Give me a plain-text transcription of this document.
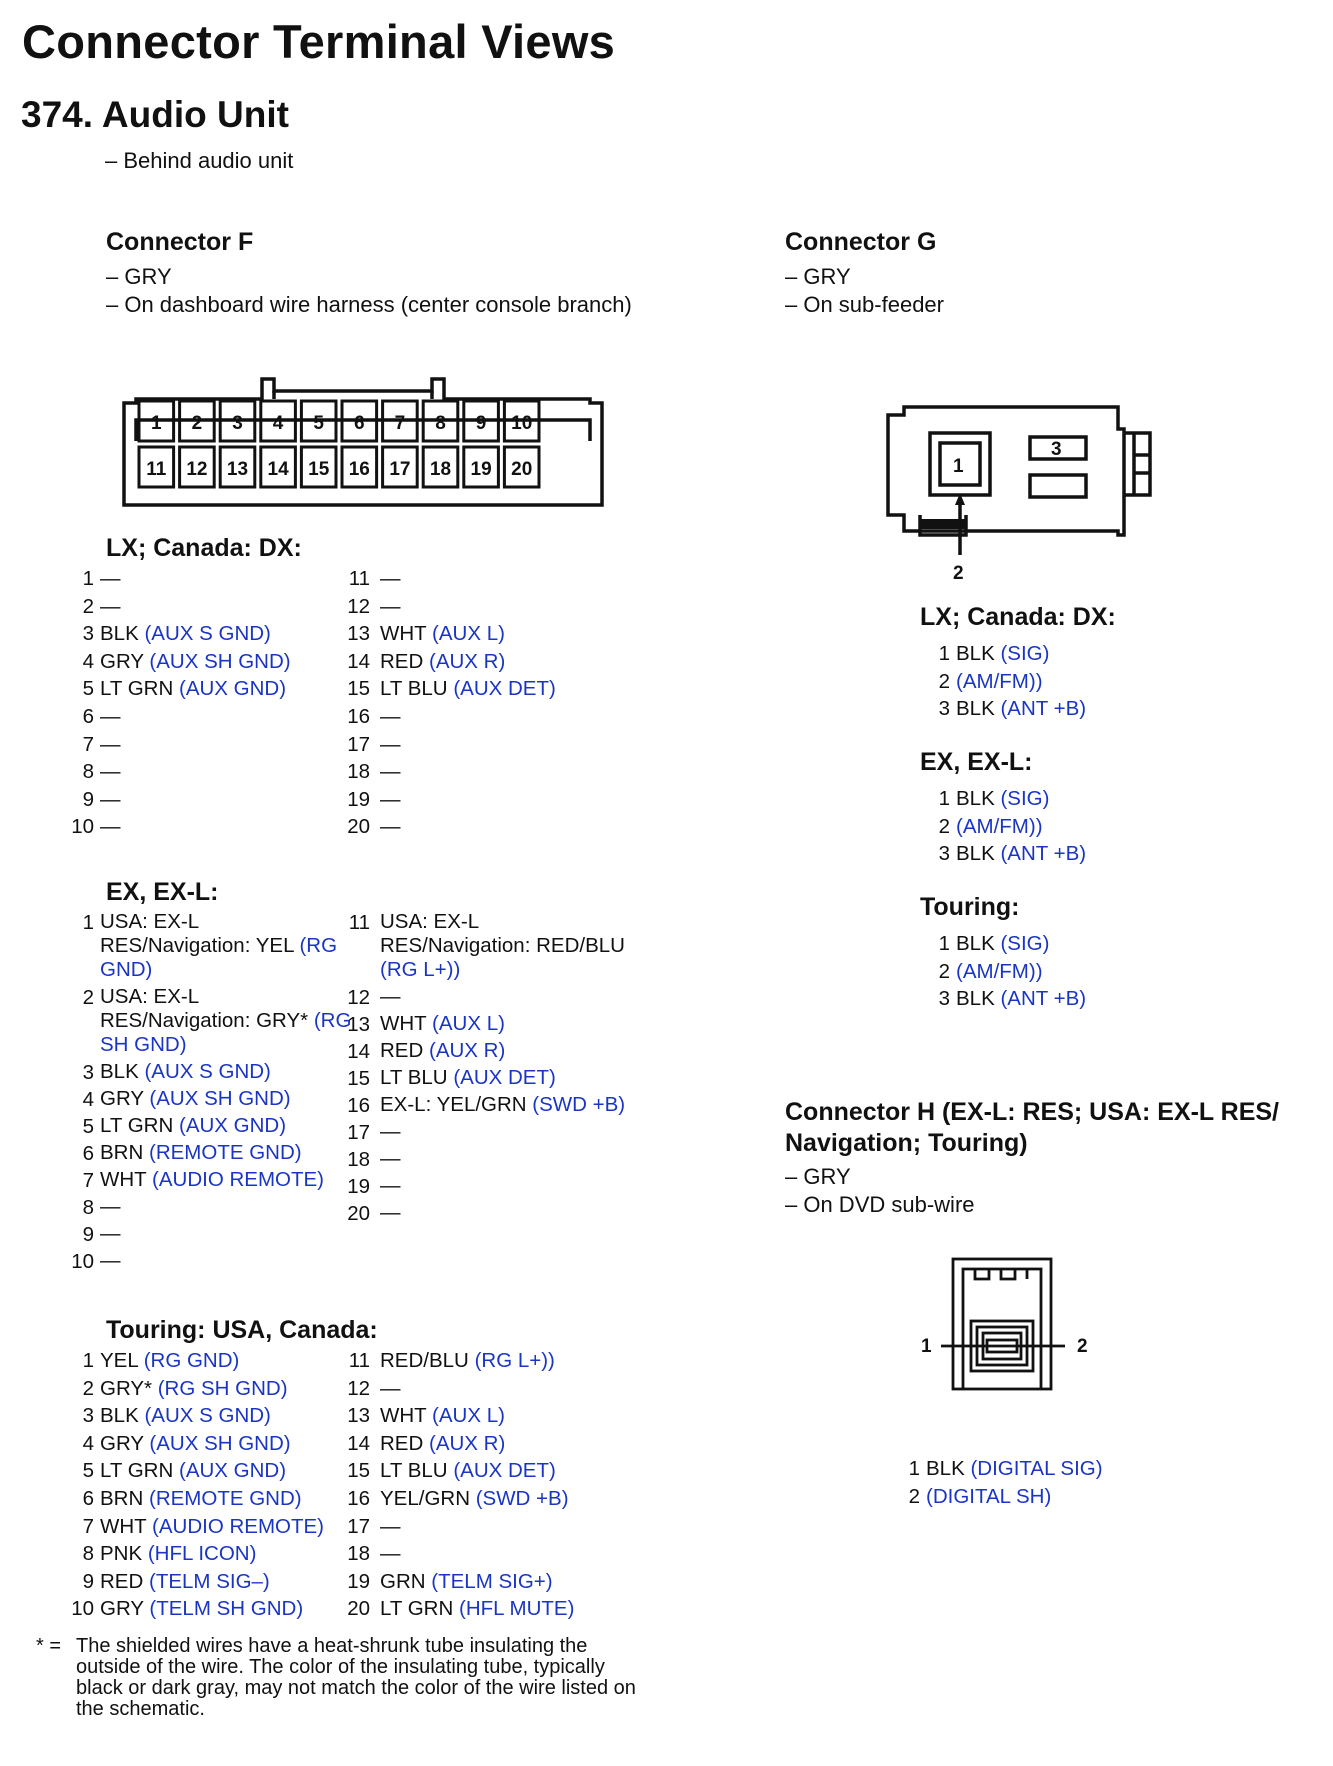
Connector Terminal Views
374. Audio Unit
– Behind audio unit
Connector F
– GRY
– On dashboard wire harness (center console branch)
1 2 3 4 5 6 7 8 9 10
11 12 13 14 15 16 17 18 19 20
LX; Canada: DX:
1 —
2 —
3 BLK (AUX S GND)
4 GRY (AUX SH GND)
5 LT GRN (AUX GND)
6 —
7 —
8 —
9 —
10 —
11 —
12 —
13 WHT (AUX L)
14 RED (AUX R)
15 LT BLU (AUX DET)
16 —
17 —
18 —
19 —
20 —
EX, EX-L:
1 USA: EX-L RES/Navigation: YEL (RG GND)
2 USA: EX-L RES/Navigation: GRY* (RG SH GND)
3 BLK (AUX S GND)
4 GRY (AUX SH GND)
5 LT GRN (AUX GND)
6 BRN (REMOTE GND)
7 WHT (AUDIO REMOTE)
8 —
9 —
10 —
11 USA: EX-L RES/Navigation: RED/BLU (RG L+))
12 —
13 WHT (AUX L)
14 RED (AUX R)
15 LT BLU (AUX DET)
16 EX-L: YEL/GRN (SWD +B)
17 —
18 —
19 —
20 —
Touring: USA, Canada:
1 YEL (RG GND)
2 GRY* (RG SH GND)
3 BLK (AUX S GND)
4 GRY (AUX SH GND)
5 LT GRN (AUX GND)
6 BRN (REMOTE GND)
7 WHT (AUDIO REMOTE)
8 PNK (HFL ICON)
9 RED (TELM SIG–)
10 GRY (TELM SH GND)
11 RED/BLU (RG L+))
12 —
13 WHT (AUX L)
14 RED (AUX R)
15 LT BLU (AUX DET)
16 YEL/GRN (SWD +B)
17 —
18 —
19 GRN (TELM SIG+)
20 LT GRN (HFL MUTE)
* = The shielded wires have a heat-shrunk tube insulating the outside of the wire. The color of the insulating tube, typically black or dark gray, may not match the color of the wire listed on the schematic.
Connector G
– GRY
– On sub-feeder
1
3
2
LX; Canada: DX:
1 BLK (SIG)
2 (AM/FM))
3 BLK (ANT +B)
EX, EX-L:
1 BLK (SIG)
2 (AM/FM))
3 BLK (ANT +B)
Touring:
1 BLK (SIG)
2 (AM/FM))
3 BLK (ANT +B)
Connector H (EX-L: RES; USA: EX-L RES/ Navigation; Touring)
– GRY
– On DVD sub-wire
1	2
1 BLK (DIGITAL SIG)
2 (DIGITAL SH)
